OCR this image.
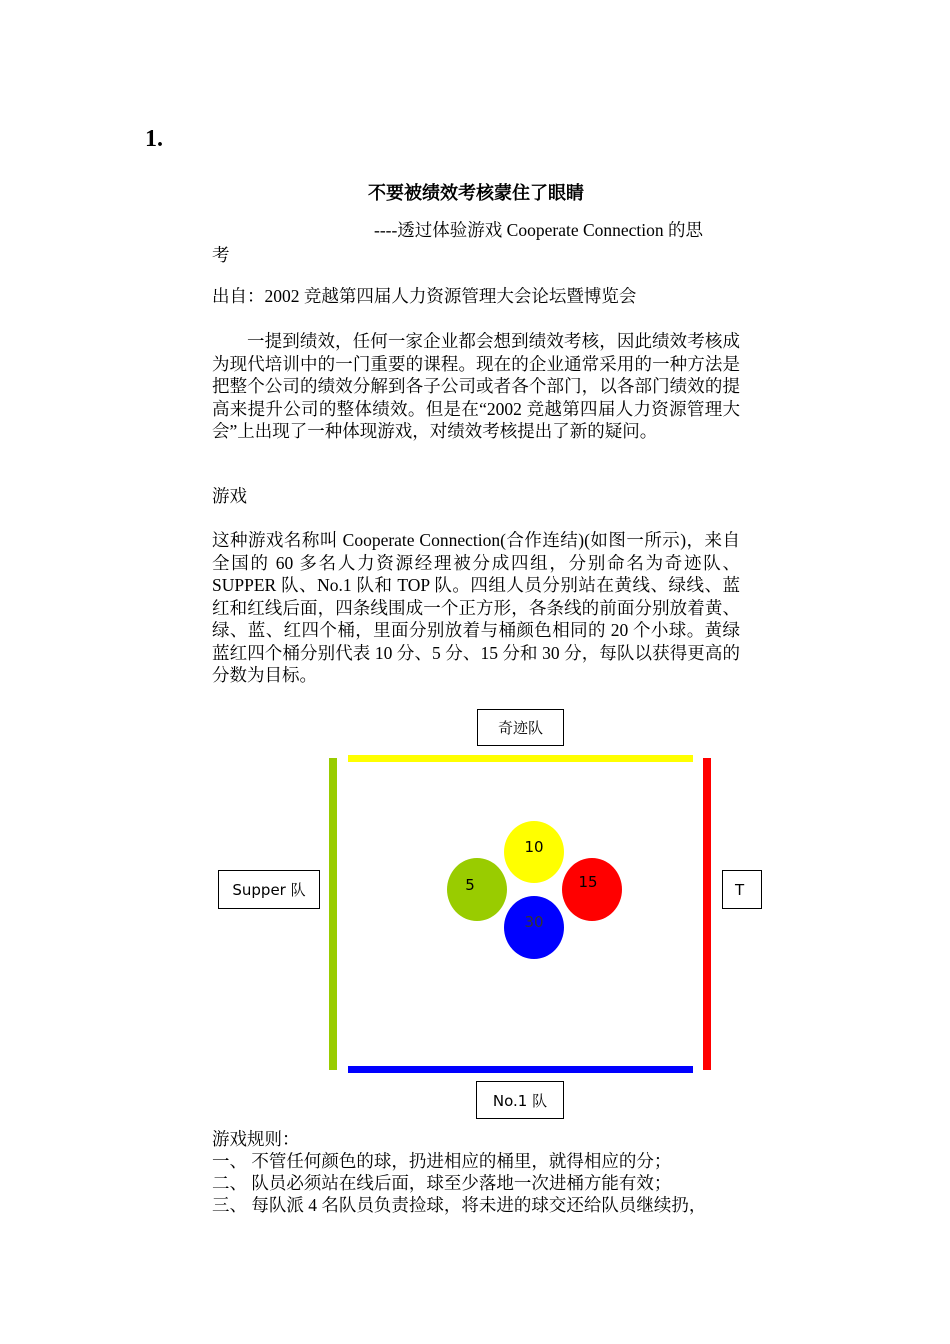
1.
不要被绩效考核蒙住了眼睛
----透过体验游戏 Cooperate Connection 的思
考
出自：2002 竞越第四届人力资源管理大会论坛暨博览会
一提到绩效，任何一家企业都会想到绩效考核，因此绩效考核成为现代培训中的一门重要的课程。现在的企业通常采用的一种方法是把整个公司的绩效分解到各子公司或者各个部门，以各部门绩效的提高来提升公司的整体绩效。但是在“2002 竞越第四届人力资源管理大会”上出现了一种体现游戏，对绩效考核提出了新的疑问。
游戏
这种游戏名称叫 Cooperate Connection(合作连结)(如图一所示)，来自全国的 60 多名人力资源经理被分成四组，分别命名为奇迹队、SUPPER 队、No.1 队和 TOP 队。四组人员分别站在黄线、绿线、蓝红和红线后面，四条线围成一个正方形，各条线的前面分别放着黄、绿、蓝、红四个桶，里面分别放着与桶颜色相同的 20 个小球。黄绿蓝红四个桶分别代表 10 分、5 分、15 分和 30 分，每队以获得更高的分数为目标。
奇迹队
Supper 队	T
No.1 队
10
5	15
30
游戏规则：
一、 不管任何颜色的球，扔进相应的桶里，就得相应的分；
二、 队员必须站在线后面，球至少落地一次进桶方能有效；
三、 每队派 4 名队员负责捡球，将未进的球交还给队员继续扔，
